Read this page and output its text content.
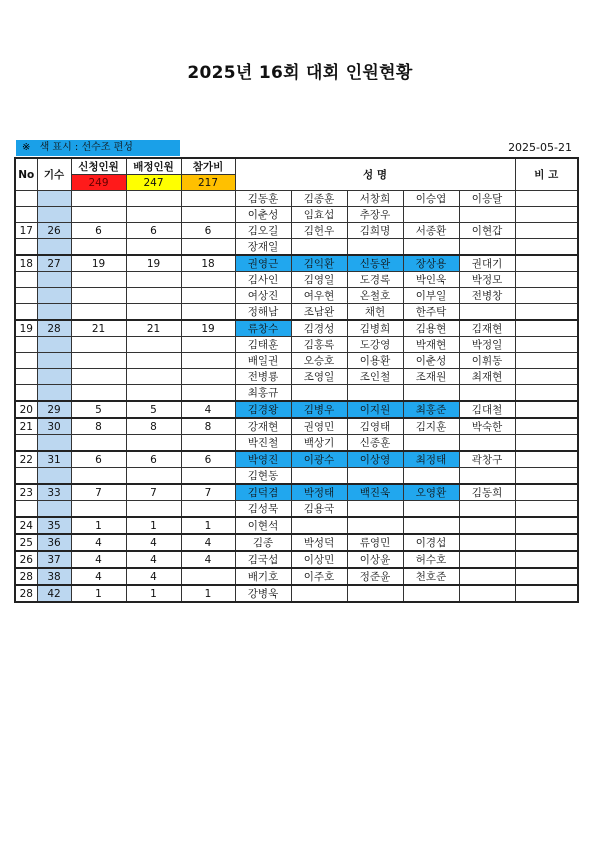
2025년 16회 대회 인원현황
※ 색 표시 : 선수조 편성	2025-05-21
No	기수	신청인원	배정인원	참가비	성 명					비 고
		249	247	217						
					김동훈	김종훈	서창희	이승엽	이응달	
					이춘성	임효섭	추장우			
17	26	6	6	6	김오길	김헌우	김희명	서종환	이현갑	
					장재일					
18	27	19	19	18	권영근	김익환	신동완	장상용	권대기	
					김사인	김영일	도경록	박인욱	박정모	
					여상진	여우현	온철호	이부일	전병창	
					정해남	조남완	채헌	한주탁		
19	28	21	21	19	류창수	김경성	김병희	김용현	김재현	
					김태훈	김홍록	도강영	박재현	박정일	
					배일권	오승호	이용환	이춘성	이휘동	
					전병룡	조영일	조인철	조재원	최재현	
					최홍규					
20	29	5	5	4	김경왕	김병우	이지원	최홍준	김대철	
21	30	8	8	8	강재현	권영민	김영태	김지훈	박숙한	
					박진철	백상기	신종훈			
22	31	6	6	6	박영진	이광수	이상영	최정태	곽창구	
					김현동					
23	33	7	7	7	김덕겸	박정태	백진욱	오영환	김동희	
					김성묵	김용국				
24	35	1	1	1	이현석					
25	36	4	4	4	김종	박성덕	류영민	이경섭		
26	37	4	4	4	김국섭	이상민	이상윤	허수호		
28	38	4	4		배기호	이주호	정준윤	천호준		
28	42	1	1	1	강병욱					
